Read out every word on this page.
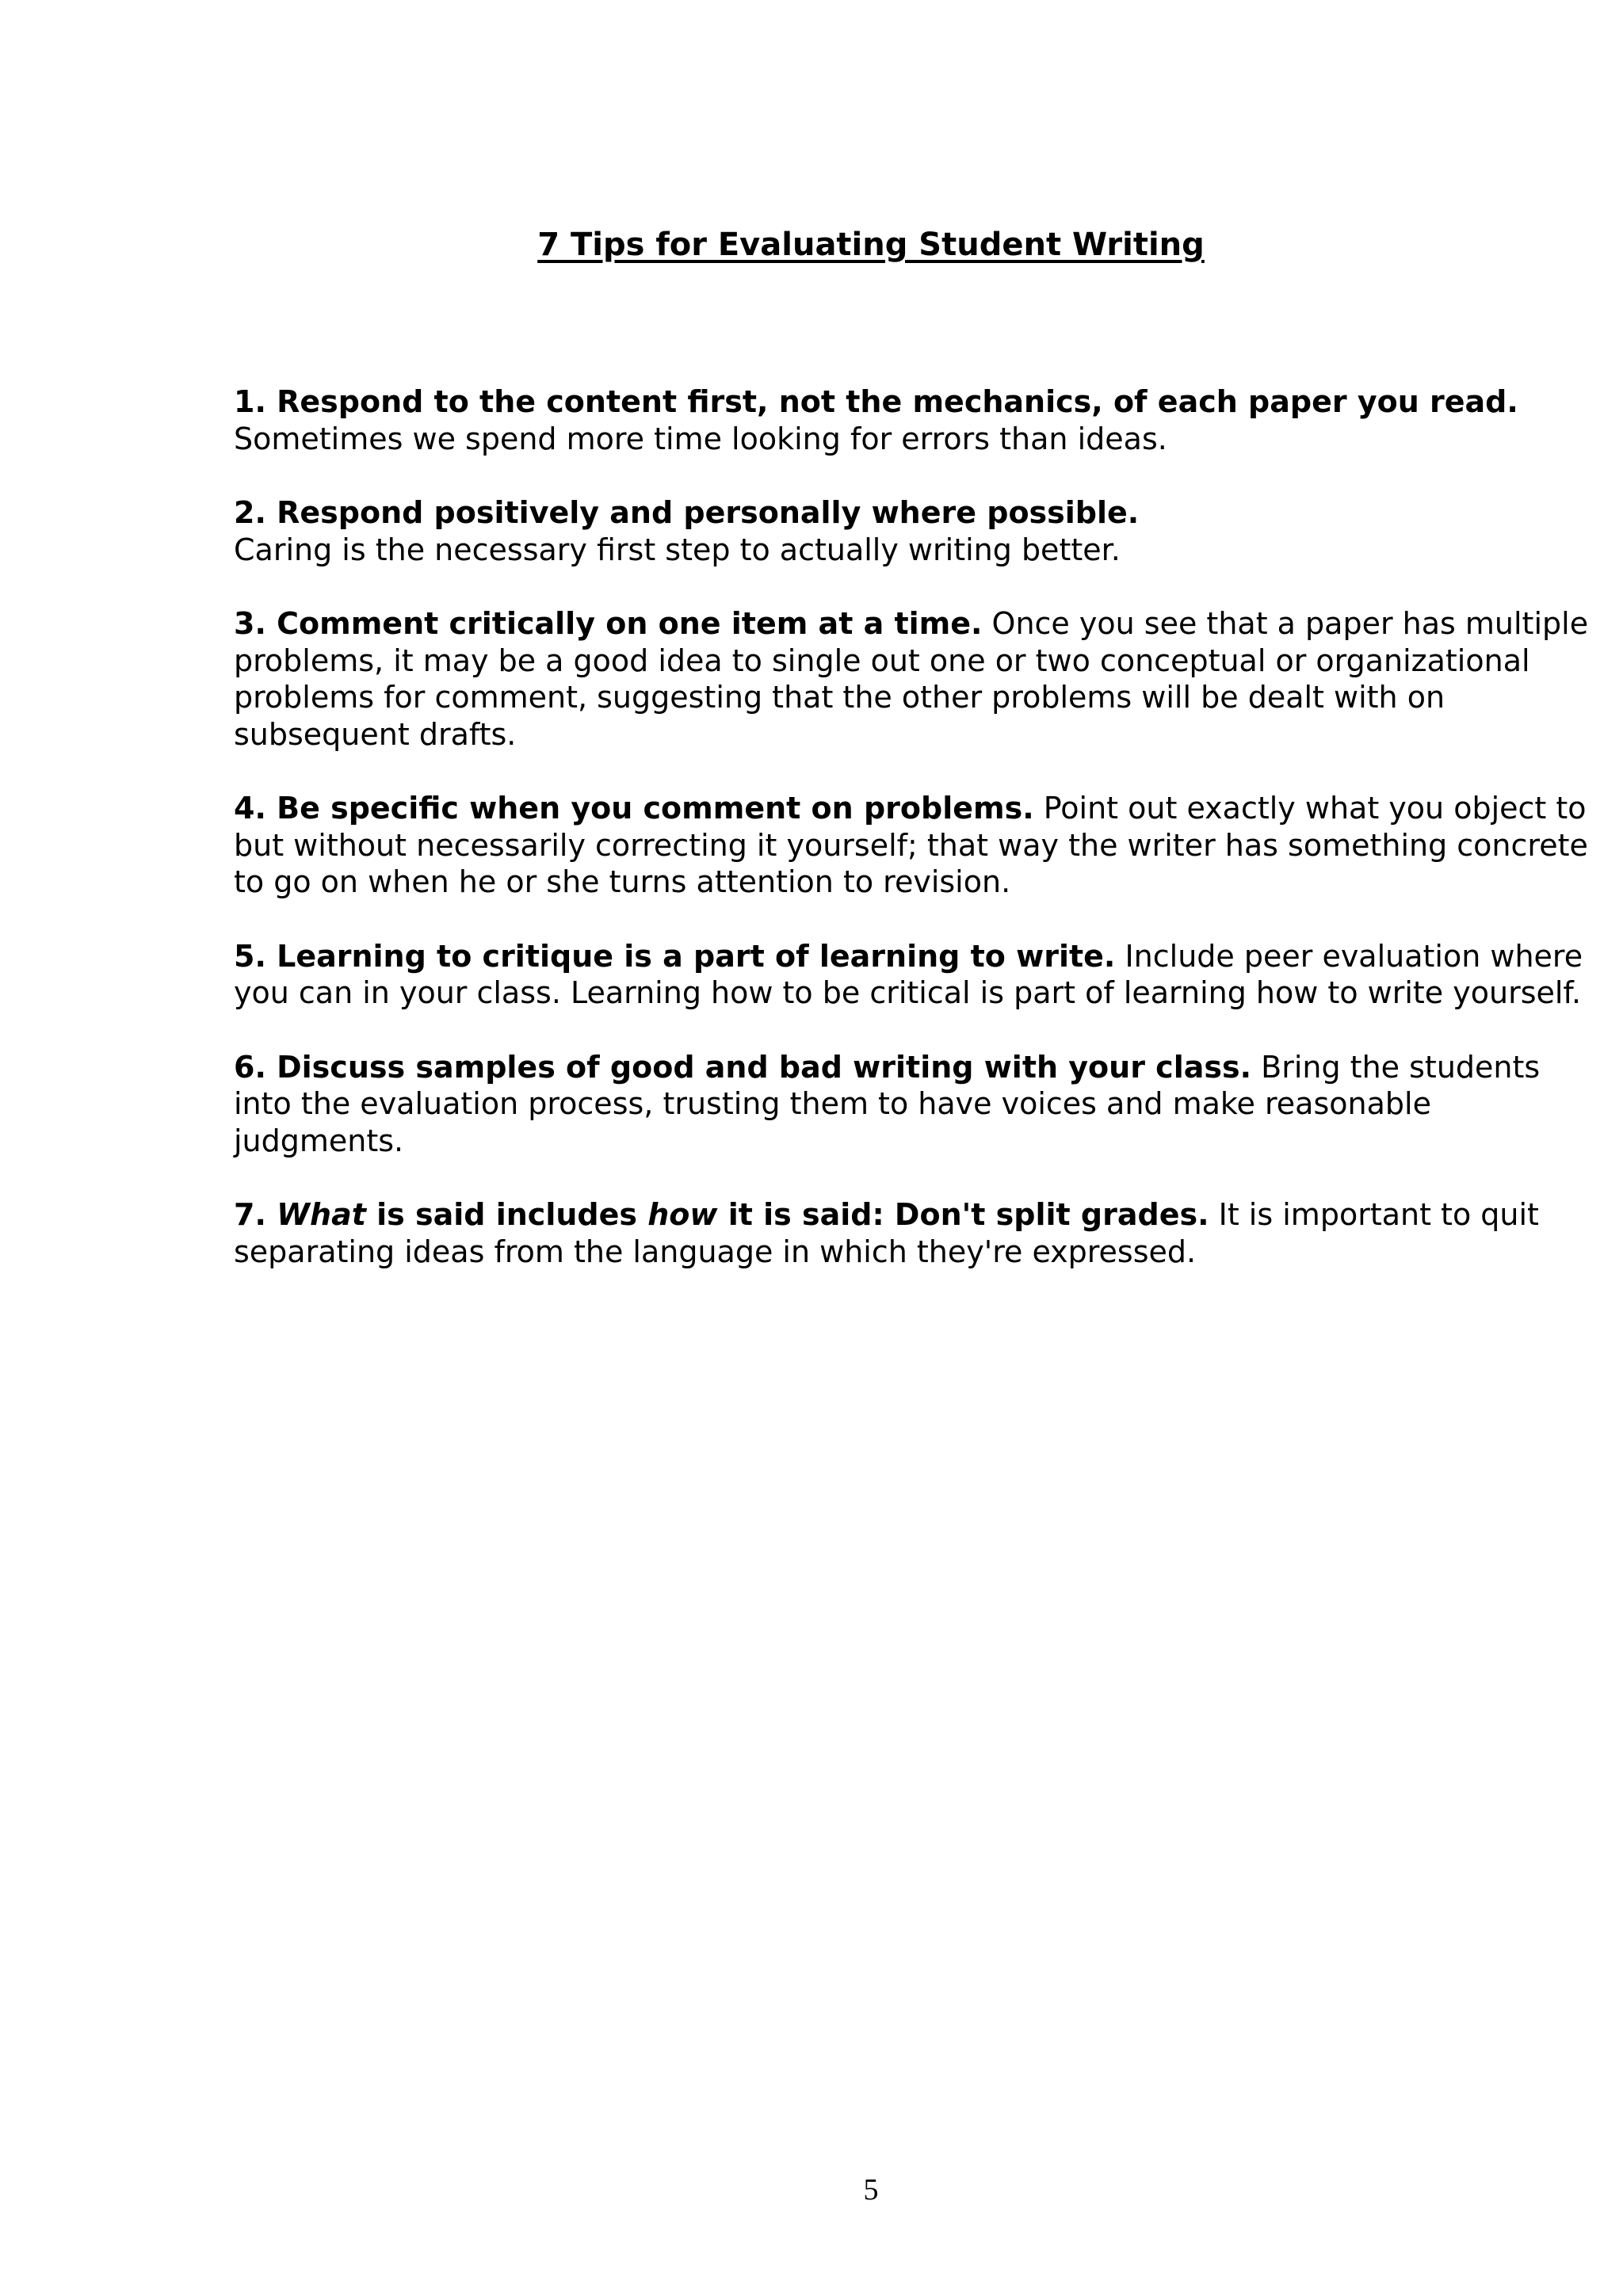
7 Tips for Evaluating Student Writing

1. Respond to the content first, not the mechanics, of each paper you read.
Sometimes we spend more time looking for errors than ideas.

2. Respond positively and personally where possible.
Caring is the necessary first step to actually writing better.

3. Comment critically on one item at a time. Once you see that a paper has multiple problems, it may be a good idea to single out one or two conceptual or organizational problems for comment, suggesting that the other problems will be dealt with on subsequent drafts.

4. Be specific when you comment on problems. Point out exactly what you object to but without necessarily correcting it yourself; that way the writer has something concrete to go on when he or she turns attention to revision.

5. Learning to critique is a part of learning to write. Include peer evaluation where you can in your class. Learning how to be critical is part of learning how to write yourself.

6. Discuss samples of good and bad writing with your class. Bring the students into the evaluation process, trusting them to have voices and make reasonable judgments.

7. What is said includes how it is said: Don't split grades. It is important to quit separating ideas from the language in which they're expressed.

5
